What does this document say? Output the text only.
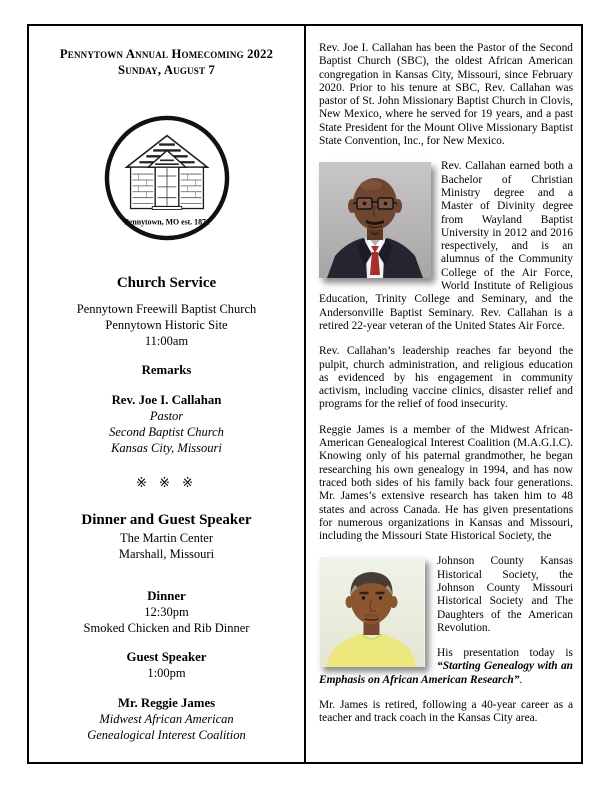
Pennytown Annual Homecoming 2022
Sunday, August 7
Pennytown, MO est. 1871
Church Service
Pennytown Freewill Baptist Church
Pennytown Historic Site
11:00am
Remarks
Rev. Joe I. Callahan
Pastor
Second Baptist Church
Kansas City, Missouri
※ ※ ※
Dinner and Guest Speaker
The Martin Center
Marshall, Missouri
Dinner
12:30pm
Smoked Chicken and Rib Dinner
Guest Speaker
1:00pm
Mr. Reggie James
Midwest African American
Genealogical Interest Coalition

Rev. Joe I. Callahan has been the Pastor of the Second Baptist Church (SBC), the oldest African American congregation in Kansas City, Missouri, since February 2020. Prior to his tenure at SBC, Rev. Callahan was pastor of St. John Missionary Baptist Church in Clovis, New Mexico, where he served for 19 years, and a past State President for the Mount Olive Missionary Baptist State Convention, Inc., for New Mexico.

Rev. Callahan earned both a Bachelor of Christian Ministry degree and a Master of Divinity degree from Wayland Baptist University in 2012 and 2016 respectively, and is an alumnus of the Community College of the Air Force, World Institute of Religious Education, Trinity College and Seminary, and the Andersonville Baptist Seminary. Rev. Callahan is a retired 22-year veteran of the United States Air Force.

Rev. Callahan’s leadership reaches far beyond the pulpit, church administration, and religious education as evidenced by his engagement in community activism, including vaccine clinics, disaster relief and programs for the relief of food insecurity.

Reggie James is a member of the Midwest African-American Genealogical Interest Coalition (M.A.G.I.C). Knowing only of his paternal grandmother, he began researching his own genealogy in 1994, and has now traced both sides of his family back four generations. Mr. James’s extensive research has taken him to 48 states and across Canada. He has given presentations for numerous organizations in Kansas and Missouri, including the Missouri State Historical Society, the

Johnson County Kansas Historical Society, the Johnson County Missouri Historical Society and The Daughters of the American Revolution.

His presentation today is “Starting Genealogy with an Emphasis on African American Research”.

Mr. James is retired, following a 40-year career as a teacher and track coach in the Kansas City area.
